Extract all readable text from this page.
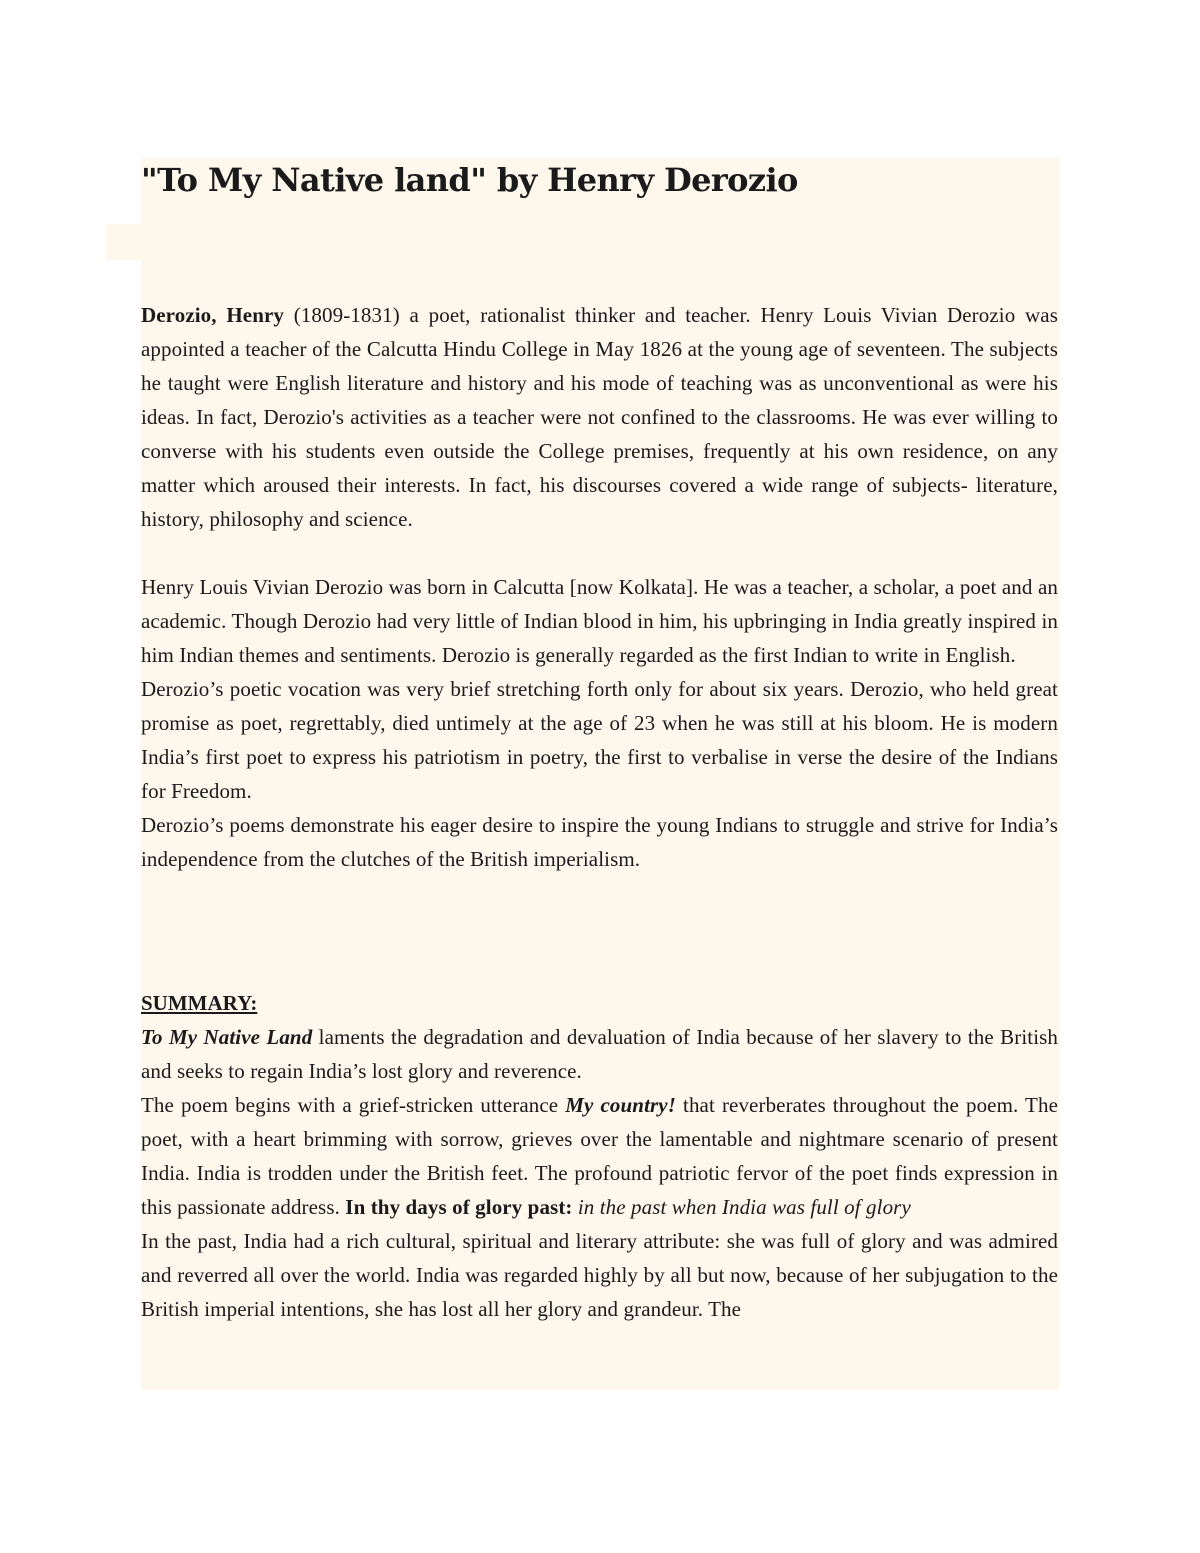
"To My Native land" by Henry Derozio

Derozio, Henry (1809-1831) a poet, rationalist thinker and teacher. Henry Louis Vivian Derozio was appointed a teacher of the Calcutta Hindu College in May 1826 at the young age of seventeen. The subjects he taught were English literature and history and his mode of teaching was as unconventional as were his ideas. In fact, Derozio's activities as a teacher were not confined to the classrooms. He was ever willing to converse with his students even outside the College premises, frequently at his own residence, on any matter which aroused their interests. In fact, his discourses covered a wide range of subjects- literature, history, philosophy and science.

Henry Louis Vivian Derozio was born in Calcutta [now Kolkata]. He was a teacher, a scholar, a poet and an academic. Though Derozio had very little of Indian blood in him, his upbringing in India greatly inspired in him Indian themes and sentiments. Derozio is generally regarded as the first Indian to write in English.

Derozio’s poetic vocation was very brief stretching forth only for about six years. Derozio, who held great promise as poet, regrettably, died untimely at the age of 23 when he was still at his bloom. He is modern India’s first poet to express his patriotism in poetry, the first to verbalise in verse the desire of the Indians for Freedom.

Derozio’s poems demonstrate his eager desire to inspire the young Indians to struggle and strive for India’s independence from the clutches of the British imperialism.

SUMMARY:

To My Native Land laments the degradation and devaluation of India because of her slavery to the British and seeks to regain India’s lost glory and reverence.

The poem begins with a grief-stricken utterance My country! that reverberates throughout the poem. The poet, with a heart brimming with sorrow, grieves over the lamentable and nightmare scenario of present India. India is trodden under the British feet. The profound patriotic fervor of the poet finds expression in this passionate address. In thy days of glory past: in the past when India was full of glory

In the past, India had a rich cultural, spiritual and literary attribute: she was full of glory and was admired and reverred all over the world. India was regarded highly by all but now, because of her subjugation to the British imperial intentions, she has lost all her glory and grandeur. The
